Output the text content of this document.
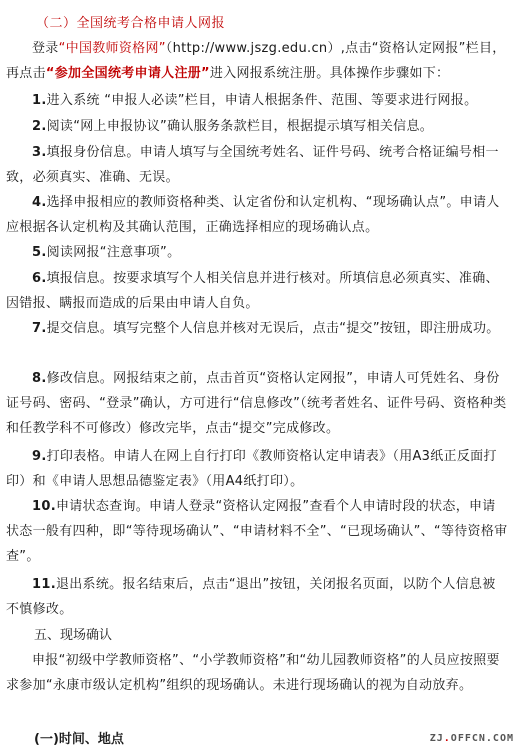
（二）全国统考合格申请人网报
登录“中国教师资格网”（http://www.jszg.edu.cn）,点击“资格认定网报”栏目，再点击“参加全国统考申请人注册”进入网报系统注册。具体操作步骤如下：
1.进入系统 “申报人必读”栏目，申请人根据条件、范围、等要求进行网报。
2.阅读“网上申报协议”确认服务条款栏目，根据提示填写相关信息。
3.填报身份信息。申请人填写与全国统考姓名、证件号码、统考合格证编号相一致，必须真实、准确、无误。
4.选择申报相应的教师资格种类、认定省份和认定机构、“现场确认点”。申请人应根据各认定机构及其确认范围，正确选择相应的现场确认点。
5.阅读网报“注意事项”。
6.填报信息。按要求填写个人相关信息并进行核对。所填信息必须真实、准确、因错报、瞒报而造成的后果由申请人自负。
7.提交信息。填写完整个人信息并核对无误后，点击“提交”按钮，即注册成功。
8.修改信息。网报结束之前，点击首页“资格认定网报”，申请人可凭姓名、身份证号码、密码、“登录”确认，方可进行“信息修改”（统考者姓名、证件号码、资格种类和任教学科不可修改）修改完毕，点击“提交”完成修改。
9.打印表格。申请人在网上自行打印《教师资格认定申请表》（用A3纸正反面打印）和《申请人思想品德鉴定表》（用A4纸打印）。
10.申请状态查询。申请人登录“资格认定网报”查看个人申请时段的状态，申请状态一般有四种，即“等待现场确认”、“申请材料不全”、“已现场确认”、“等待资格审查”。
11.退出系统。报名结束后，点击“退出”按钮，关闭报名页面，以防个人信息被不慎修改。
五、现场确认
申报“初级中学教师资格”、“小学教师资格”和“幼儿园教师资格”的人员应按照要求参加“永康市级认定机构”组织的现场确认。未进行现场确认的视为自动放弃。
(一)时间、地点	ZJ.OFFCN.COM
